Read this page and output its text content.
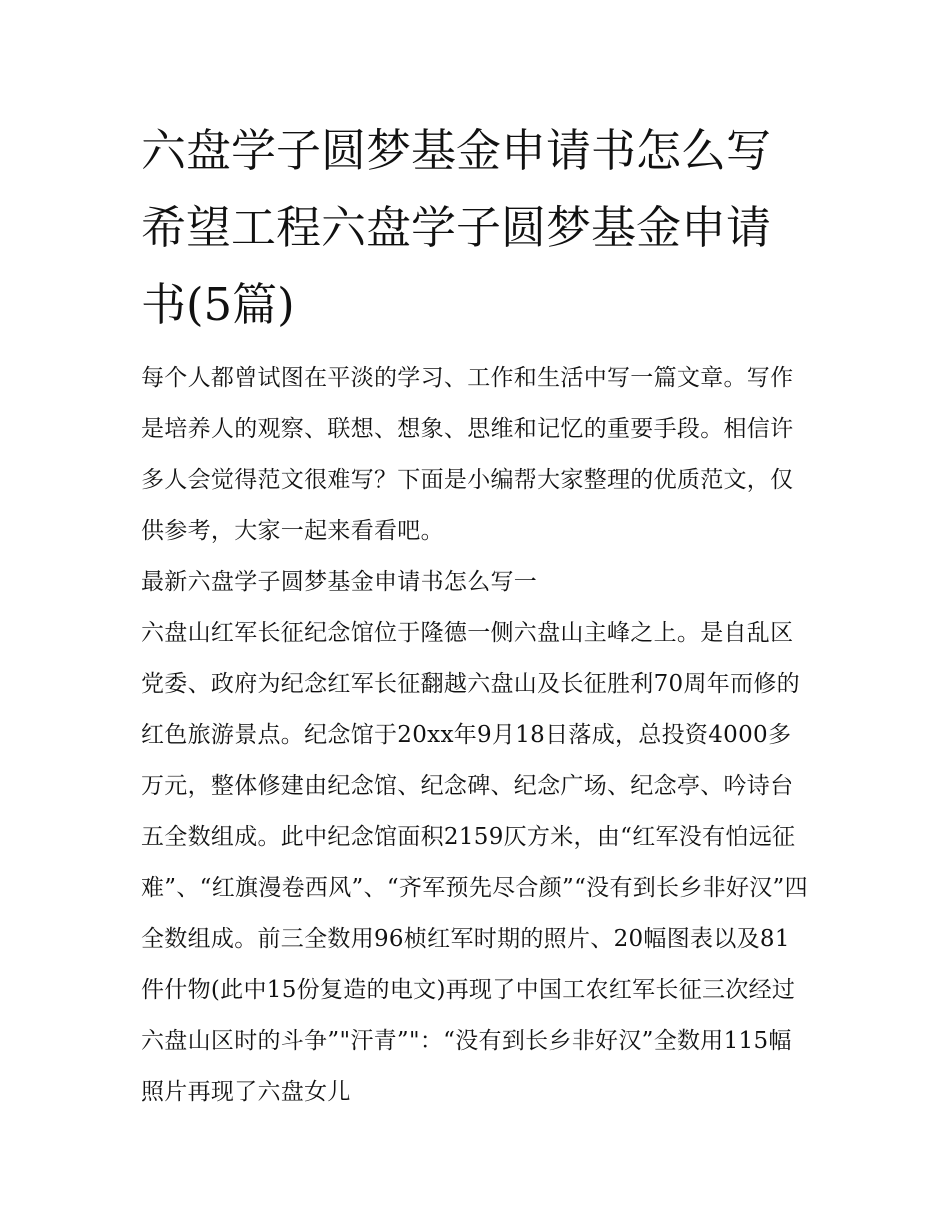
六盘学子圆梦基金申请书怎么写 希望工程六盘学子圆梦基金申请书(5篇)

每个人都曾试图在平淡的学习、工作和生活中写一篇文章。写作是培养人的观察、联想、想象、思维和记忆的重要手段。相信许多人会觉得范文很难写？下面是小编帮大家整理的优质范文，仅供参考，大家一起来看看吧。

最新六盘学子圆梦基金申请书怎么写一

六盘山红军长征纪念馆位于隆德一侧六盘山主峰之上。是自乱区党委、政府为纪念红军长征翻越六盘山及长征胜利70周年而修的红色旅游景点。纪念馆于20xx年9月18日落成，总投资4000多万元，整体修建由纪念馆、纪念碑、纪念广场、纪念亭、吟诗台五全数组成。此中纪念馆面积2159仄方米，由“红军没有怕远征难”、“红旗漫卷西风”、“齐军预先尽合颜”“没有到长乡非好汉”四全数组成。前三全数用96桢红军时期的照片、20幅图表以及81件什物(此中15份复造的电文)再现了中国工农红军长征三次经过六盘山区时的斗争”"汗青”"：“没有到长乡非好汉”全数用115幅照片再现了六盘女儿
